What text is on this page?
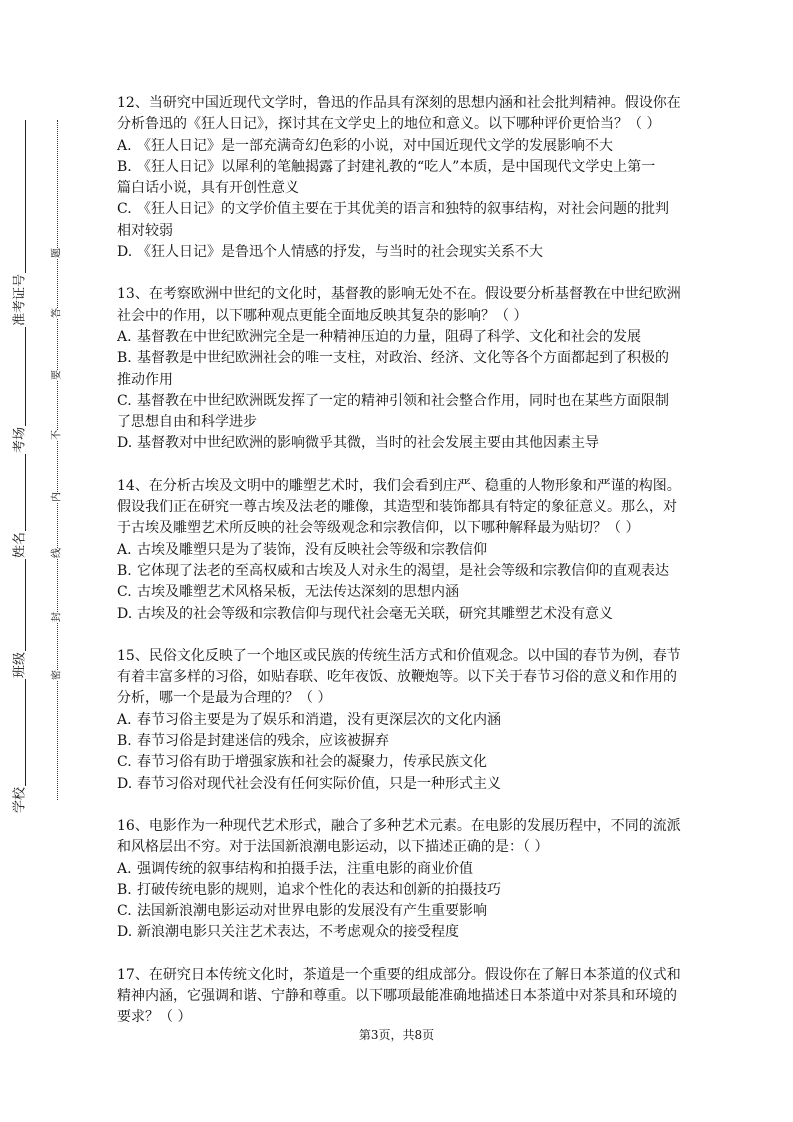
学校
班级
姓名
考场
准考证号
密
封
线
内
不
要
答
题
12、当研究中国近现代文学时，鲁迅的作品具有深刻的思想内涵和社会批判精神。假设你在
分析鲁迅的《狂人日记》，探讨其在文学史上的地位和意义。以下哪种评价更恰当？（ ）
A. 《狂人日记》是一部充满奇幻色彩的小说，对中国近现代文学的发展影响不大
B. 《狂人日记》以犀利的笔触揭露了封建礼教的“吃人”本质，是中国现代文学史上第一
篇白话小说，具有开创性意义
C. 《狂人日记》的文学价值主要在于其优美的语言和独特的叙事结构，对社会问题的批判
相对较弱
D. 《狂人日记》是鲁迅个人情感的抒发，与当时的社会现实关系不大
13、在考察欧洲中世纪的文化时，基督教的影响无处不在。假设要分析基督教在中世纪欧洲
社会中的作用，以下哪种观点更能全面地反映其复杂的影响？（ ）
A. 基督教在中世纪欧洲完全是一种精神压迫的力量，阻碍了科学、文化和社会的发展
B. 基督教是中世纪欧洲社会的唯一支柱，对政治、经济、文化等各个方面都起到了积极的
推动作用
C. 基督教在中世纪欧洲既发挥了一定的精神引领和社会整合作用，同时也在某些方面限制
了思想自由和科学进步
D. 基督教对中世纪欧洲的影响微乎其微，当时的社会发展主要由其他因素主导
14、在分析古埃及文明中的雕塑艺术时，我们会看到庄严、稳重的人物形象和严谨的构图。
假设我们正在研究一尊古埃及法老的雕像，其造型和装饰都具有特定的象征意义。那么，对
于古埃及雕塑艺术所反映的社会等级观念和宗教信仰，以下哪种解释最为贴切？（ ）
A. 古埃及雕塑只是为了装饰，没有反映社会等级和宗教信仰
B. 它体现了法老的至高权威和古埃及人对永生的渴望，是社会等级和宗教信仰的直观表达
C. 古埃及雕塑艺术风格呆板，无法传达深刻的思想内涵
D. 古埃及的社会等级和宗教信仰与现代社会毫无关联，研究其雕塑艺术没有意义
15、民俗文化反映了一个地区或民族的传统生活方式和价值观念。以中国的春节为例，春节
有着丰富多样的习俗，如贴春联、吃年夜饭、放鞭炮等。以下关于春节习俗的意义和作用的
分析，哪一个是最为合理的？（ ）
A. 春节习俗主要是为了娱乐和消遣，没有更深层次的文化内涵
B. 春节习俗是封建迷信的残余，应该被摒弃
C. 春节习俗有助于增强家族和社会的凝聚力，传承民族文化
D. 春节习俗对现代社会没有任何实际价值，只是一种形式主义
16、电影作为一种现代艺术形式，融合了多种艺术元素。在电影的发展历程中，不同的流派
和风格层出不穷。对于法国新浪潮电影运动，以下描述正确的是：（ ）
A. 强调传统的叙事结构和拍摄手法，注重电影的商业价值
B. 打破传统电影的规则，追求个性化的表达和创新的拍摄技巧
C. 法国新浪潮电影运动对世界电影的发展没有产生重要影响
D. 新浪潮电影只关注艺术表达，不考虑观众的接受程度
17、在研究日本传统文化时，茶道是一个重要的组成部分。假设你在了解日本茶道的仪式和
精神内涵，它强调和谐、宁静和尊重。以下哪项最能准确地描述日本茶道中对茶具和环境的
要求？（ ）
第3页，共8页
